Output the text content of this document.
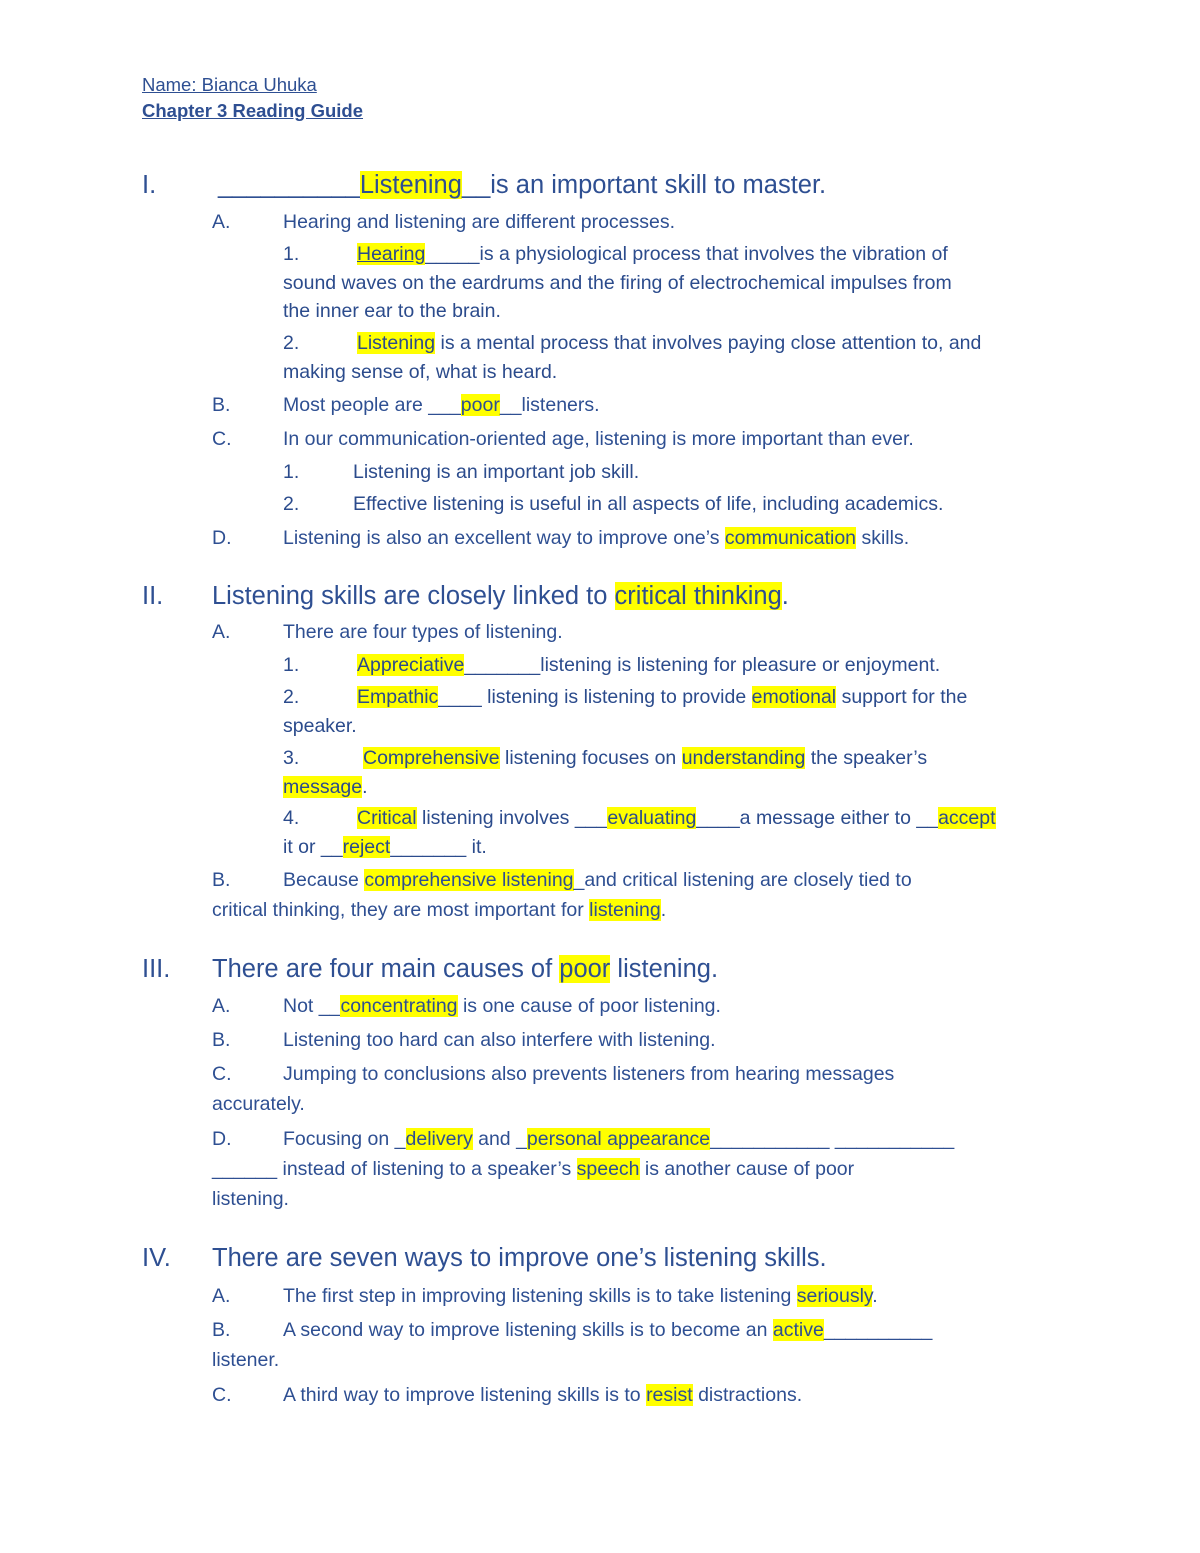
Name: Bianca Uhuka
Chapter 3 Reading Guide
I. __________Listening__is an important skill to master.
A.	Hearing and listening are different processes.
1.	Hearing_____is a physiological process that involves the vibration of
sound waves on the eardrums and the firing of electrochemical impulses from
the inner ear to the brain.
2.	Listening is a mental process that involves paying close attention to, and
making sense of, what is heard.
B.	Most people are ___poor__listeners.
C.	In our communication-oriented age, listening is more important than ever.
1.	Listening is an important job skill.
2.	Effective listening is useful in all aspects of life, including academics.
D.	Listening is also an excellent way to improve one’s communication skills.
II. Listening skills are closely linked to critical thinking.
A.	There are four types of listening.
1.	Appreciative_______listening is listening for pleasure or enjoyment.
2.	Empathic____ listening is listening to provide emotional support for the
speaker.
3.	Comprehensive listening focuses on understanding the speaker’s
message.
4.	Critical listening involves ___evaluating____a message either to __accept
it or __reject_______ it.
B.	Because comprehensive listening_and critical listening are closely tied to
critical thinking, they are most important for listening.
III. There are four main causes of poor listening.
A.	Not __concentrating is one cause of poor listening.
B.	Listening too hard can also interfere with listening.
C.	Jumping to conclusions also prevents listeners from hearing messages
accurately.
D.	Focusing on _delivery and _personal appearance___________ ___________
______ instead of listening to a speaker’s speech is another cause of poor
listening.
IV. There are seven ways to improve one’s listening skills.
A.	The first step in improving listening skills is to take listening seriously.
B.	A second way to improve listening skills is to become an active__________
listener.
C.	A third way to improve listening skills is to resist distractions.
